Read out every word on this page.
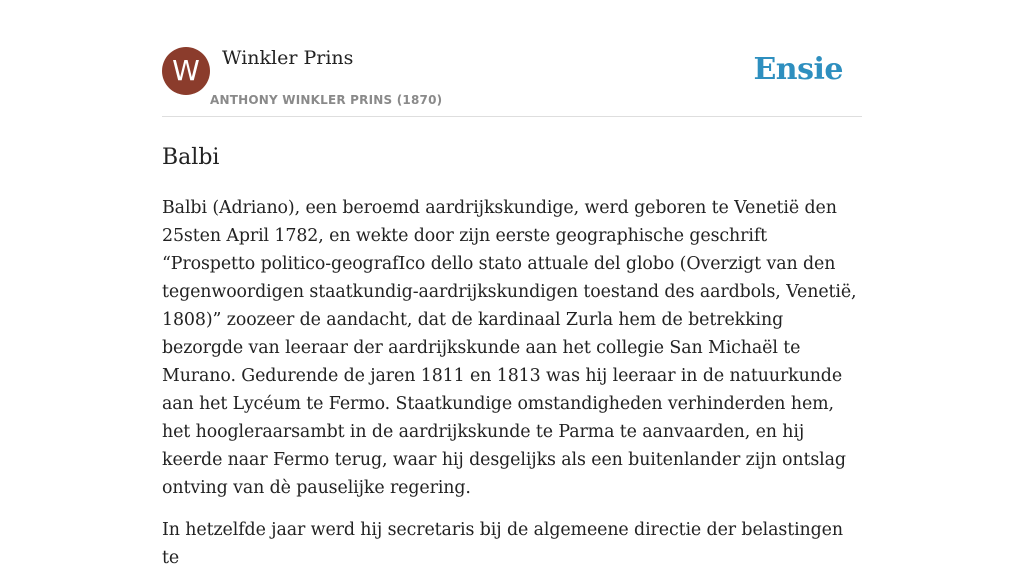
W	Winkler Prins
ANTHONY WINKLER PRINS (1870)
Ensie
Balbi

Balbi (Adriano), een beroemd aardrijkskundige, werd geboren te Venetië den 25sten April 1782, en wekte door zijn eerste geographische geschrift “Prospetto politico-geografIco dello stato attuale del globo (Overzigt van den tegenwoordigen staatkundig-aardrijkskundigen toestand des aardbols, Venetië, 1808)” zoozeer de aandacht, dat de kardinaal Zurla hem de betrekking bezorgde van leeraar der aardrijkskunde aan het collegie San Michaël te Murano. Gedurende de jaren 1811 en 1813 was hij leeraar in de natuurkunde aan het Lycéum te Fermo. Staatkundige omstandigheden verhinderden hem, het hoogleraarsambt in de aardrijkskunde te Parma te aanvaarden, en hij keerde naar Fermo terug, waar hij desgelijks als een buitenlander zijn ontslag ontving van dè pauselijke regering.

In hetzelfde jaar werd hij secretaris bij de algemeene directie der belastingen te
